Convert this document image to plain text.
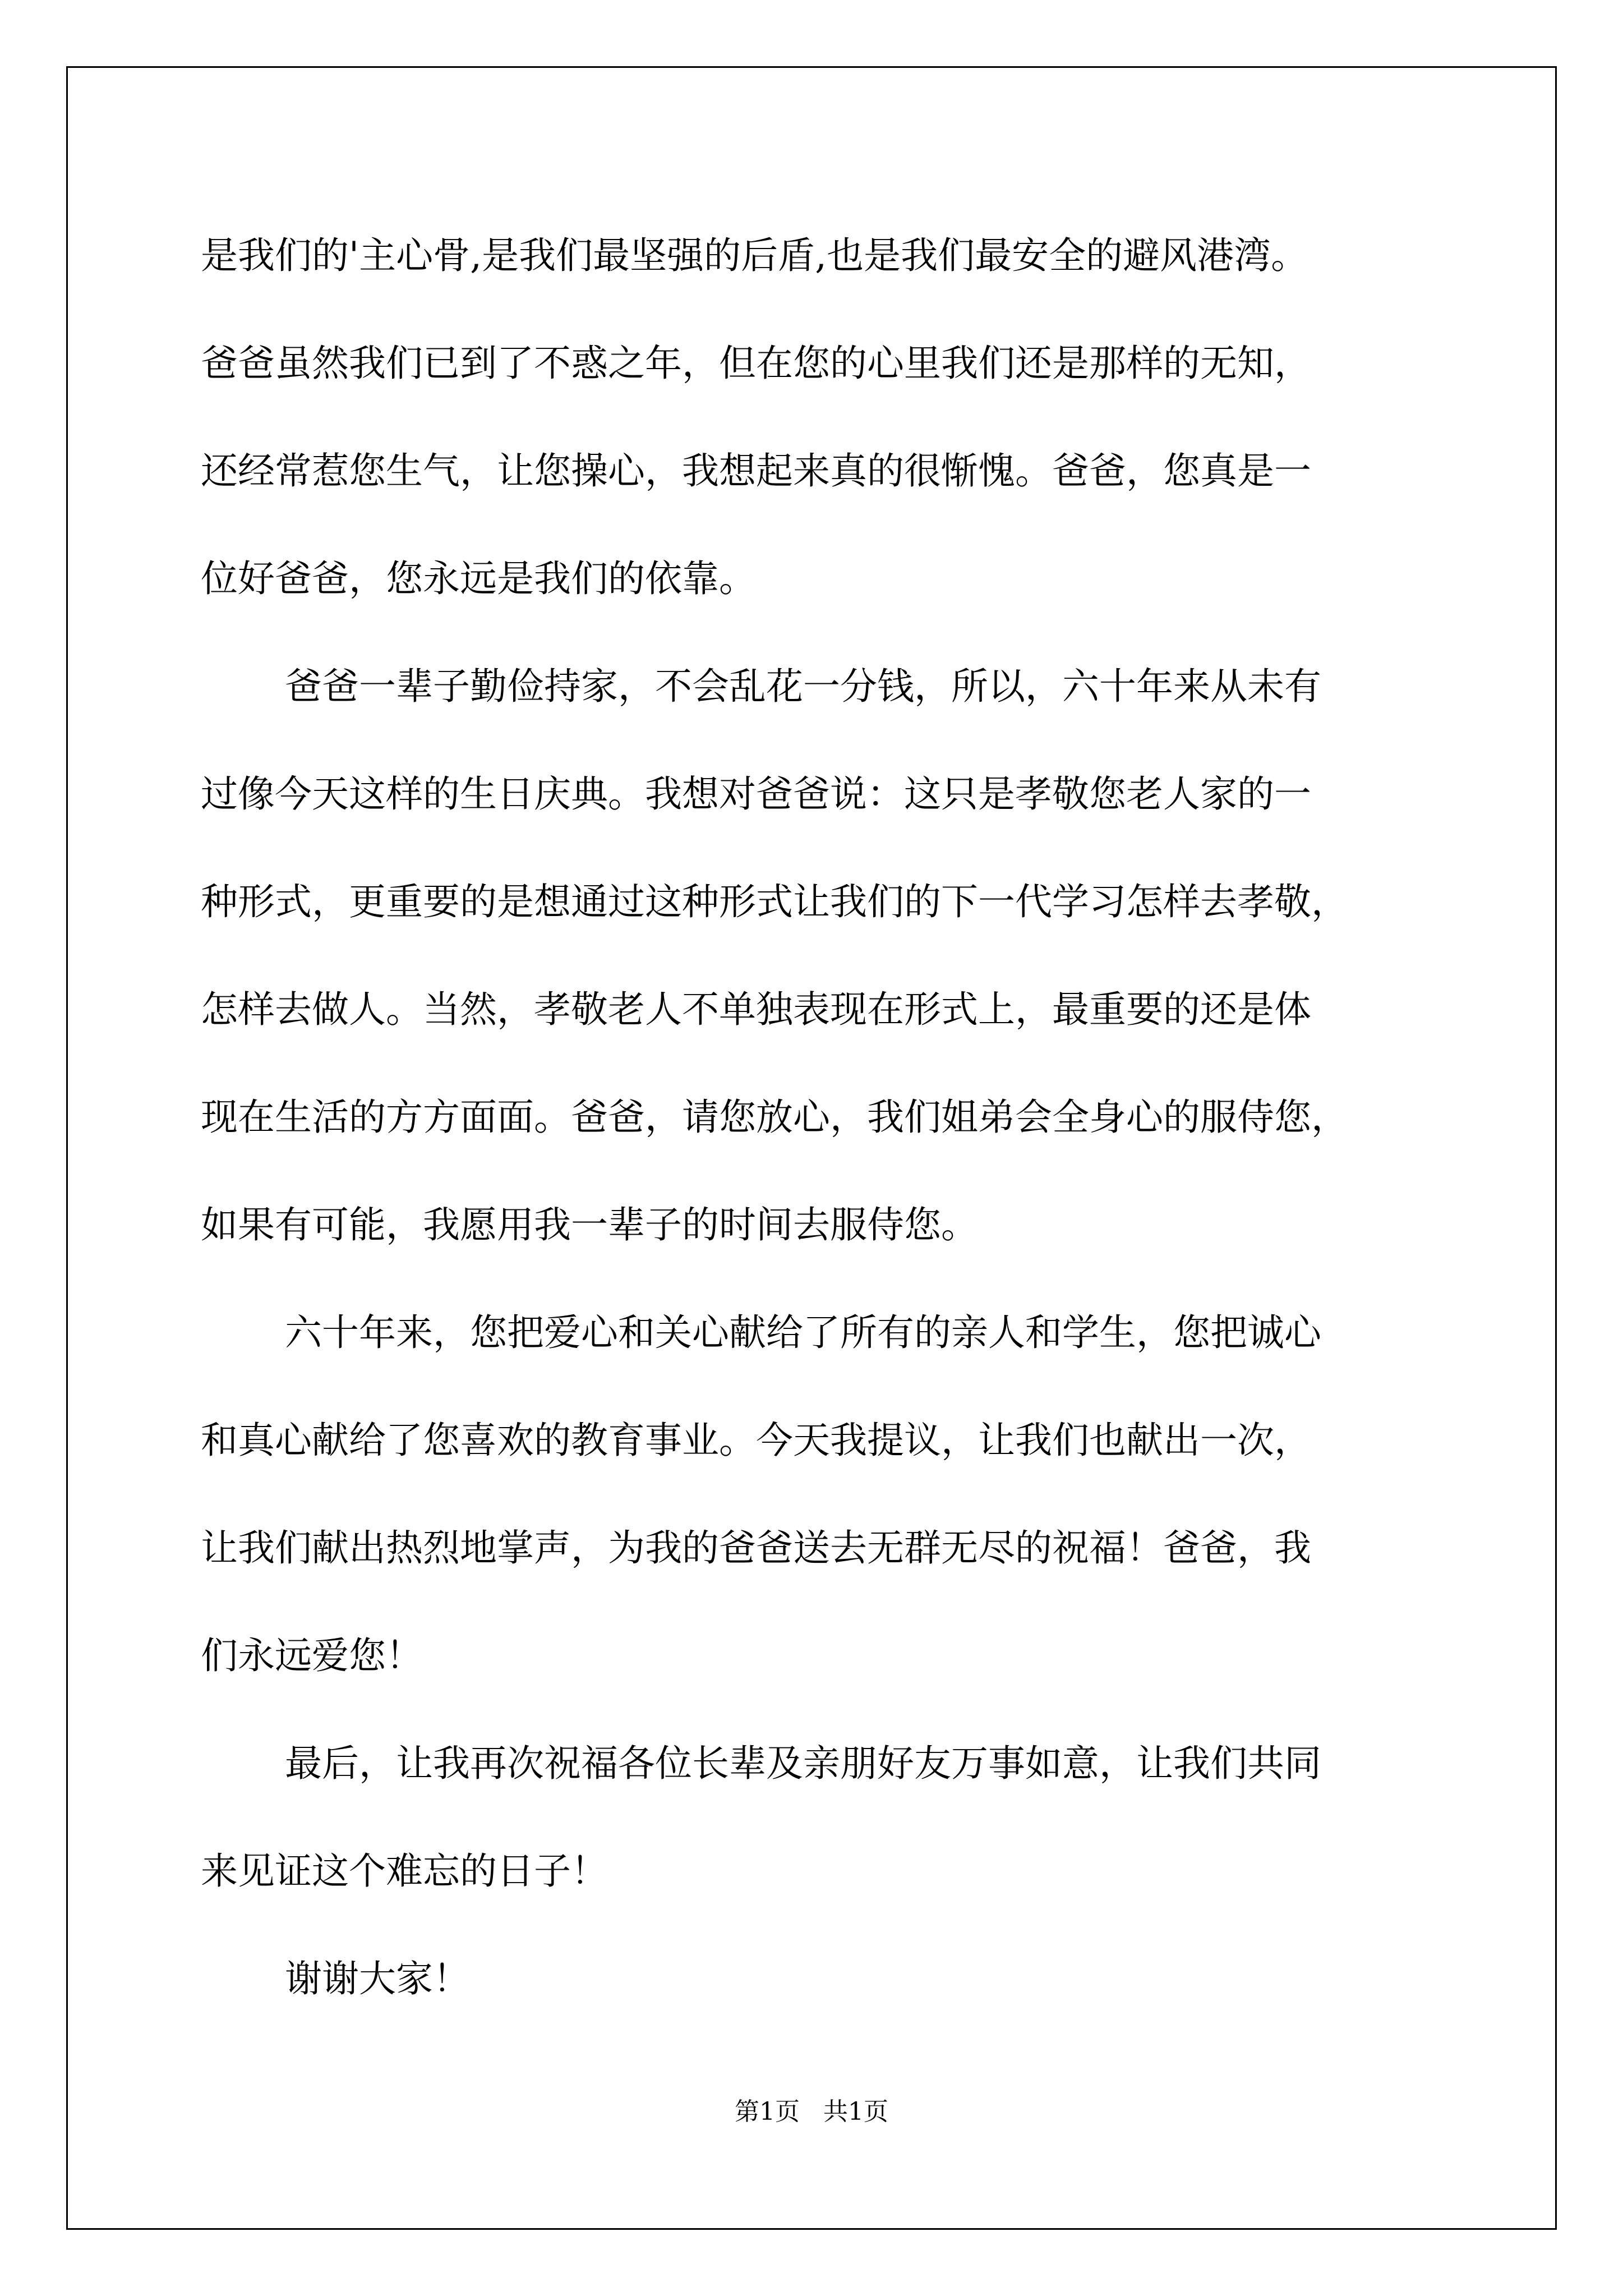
是我们的'主心骨,是我们最坚强的后盾,也是我们最安全的避风港湾。
爸爸虽然我们已到了不惑之年，但在您的心里我们还是那样的无知，
还经常惹您生气，让您操心，我想起来真的很惭愧。爸爸，您真是一
位好爸爸，您永远是我们的依靠。
爸爸一辈子勤俭持家，不会乱花一分钱，所以，六十年来从未有
过像今天这样的生日庆典。我想对爸爸说：这只是孝敬您老人家的一
种形式，更重要的是想通过这种形式让我们的下一代学习怎样去孝敬，
怎样去做人。当然，孝敬老人不单独表现在形式上，最重要的还是体
现在生活的方方面面。爸爸，请您放心，我们姐弟会全身心的服侍您，
如果有可能，我愿用我一辈子的时间去服侍您。
六十年来，您把爱心和关心献给了所有的亲人和学生，您把诚心
和真心献给了您喜欢的教育事业。今天我提议，让我们也献出一次，
让我们献出热烈地掌声，为我的爸爸送去无群无尽的祝福！爸爸，我
们永远爱您！
最后，让我再次祝福各位长辈及亲朋好友万事如意，让我们共同
来见证这个难忘的日子！
谢谢大家！
第1页   共1页
